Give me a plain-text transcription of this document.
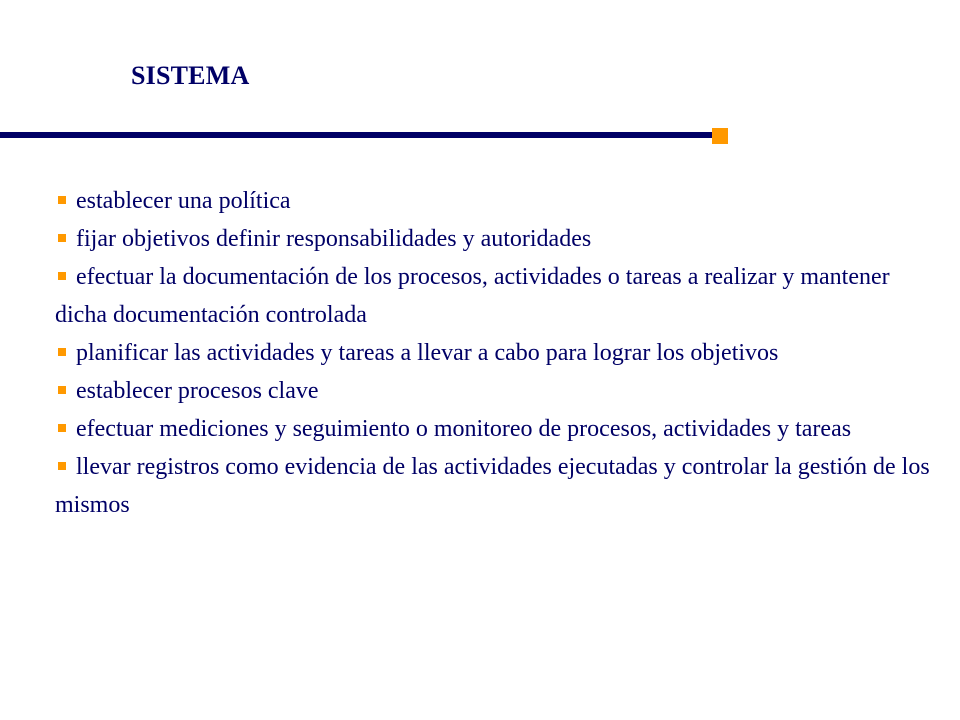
SISTEMA
establecer una política
fijar objetivos definir responsabilidades y autoridades
efectuar la documentación de los procesos, actividades o tareas a realizar y mantener dicha documentación controlada
planificar las actividades y tareas a llevar a cabo para lograr los objetivos
establecer procesos clave
efectuar mediciones y seguimiento o monitoreo de procesos, actividades y tareas
llevar registros como evidencia de las actividades ejecutadas y controlar la gestión de los mismos
